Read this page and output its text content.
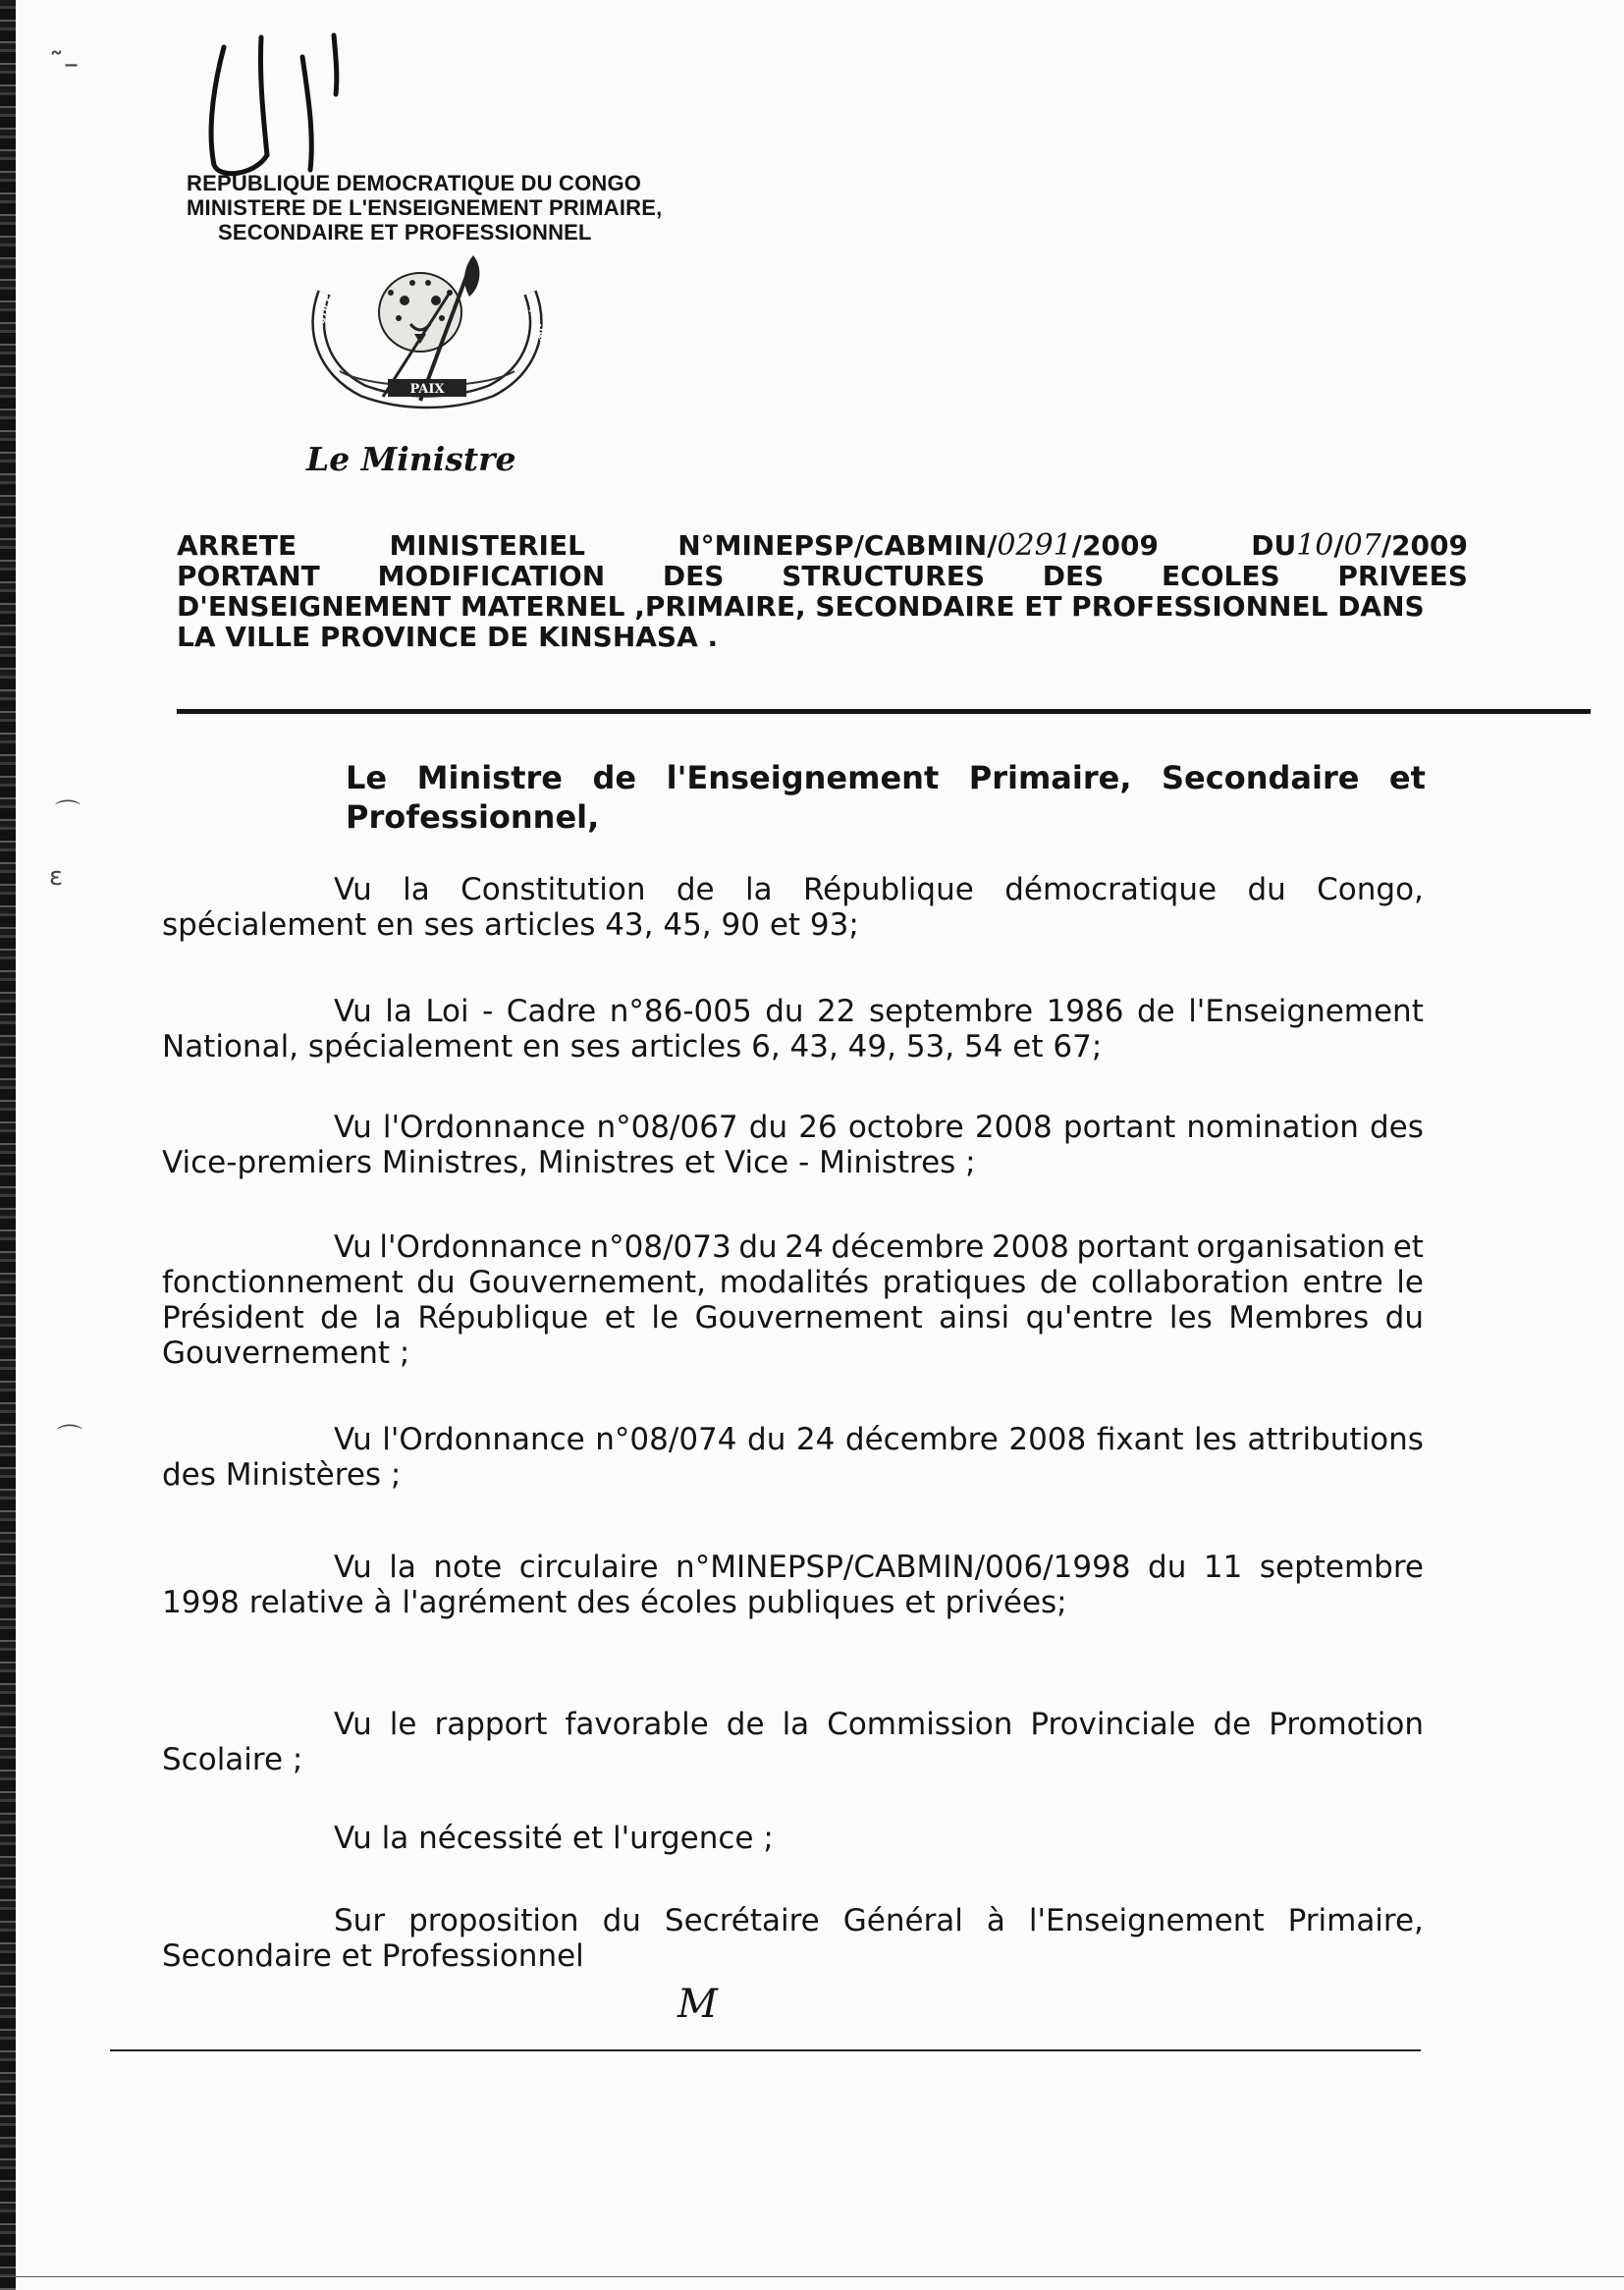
˜–
⌒
ɛ
⌒
REPUBLIQUE DEMOCRATIQUE DU CONGO
MINISTERE DE L'ENSEIGNEMENT PRIMAIRE,
SECONDAIRE ET PROFESSIONNEL
PAIX
JUSTICE	TRAVAIL
Le Ministre
ARRETE	MINISTERIEL	N°MINEPSP/CABMIN/0291/2009	DU10/07/2009
PORTANT MODIFICATION DES STRUCTURES DES ECOLES PRIVEES
D'ENSEIGNEMENT MATERNEL ,PRIMAIRE, SECONDAIRE ET PROFESSIONNEL DANS
LA VILLE PROVINCE DE KINSHASA .
Le Ministre de l'Enseignement Primaire, Secondaire et
Professionnel,
Vu la Constitution de la République démocratique du Congo,
spécialement en ses articles 43, 45, 90 et 93;
Vu la Loi - Cadre n°86-005 du 22 septembre 1986 de l'Enseignement
National, spécialement en ses articles 6, 43, 49, 53, 54 et 67;
Vu l'Ordonnance n°08/067 du 26 octobre 2008 portant nomination des
Vice-premiers Ministres, Ministres et Vice - Ministres ;
Vu l'Ordonnance n°08/073 du 24 décembre 2008 portant organisation et
fonctionnement du Gouvernement, modalités pratiques de collaboration entre le
Président de la République et le Gouvernement ainsi qu'entre les Membres du
Gouvernement ;
Vu l'Ordonnance n°08/074 du 24 décembre 2008 fixant les attributions
des Ministères ;
Vu la note circulaire n°MINEPSP/CABMIN/006/1998 du 11 septembre
1998 relative à l'agrément des écoles publiques et privées;
Vu le rapport favorable de la Commission Provinciale de Promotion
Scolaire ;
Vu la nécessité et l'urgence ;
Sur proposition du Secrétaire Général à l'Enseignement Primaire,
Secondaire et Professionnel
M
